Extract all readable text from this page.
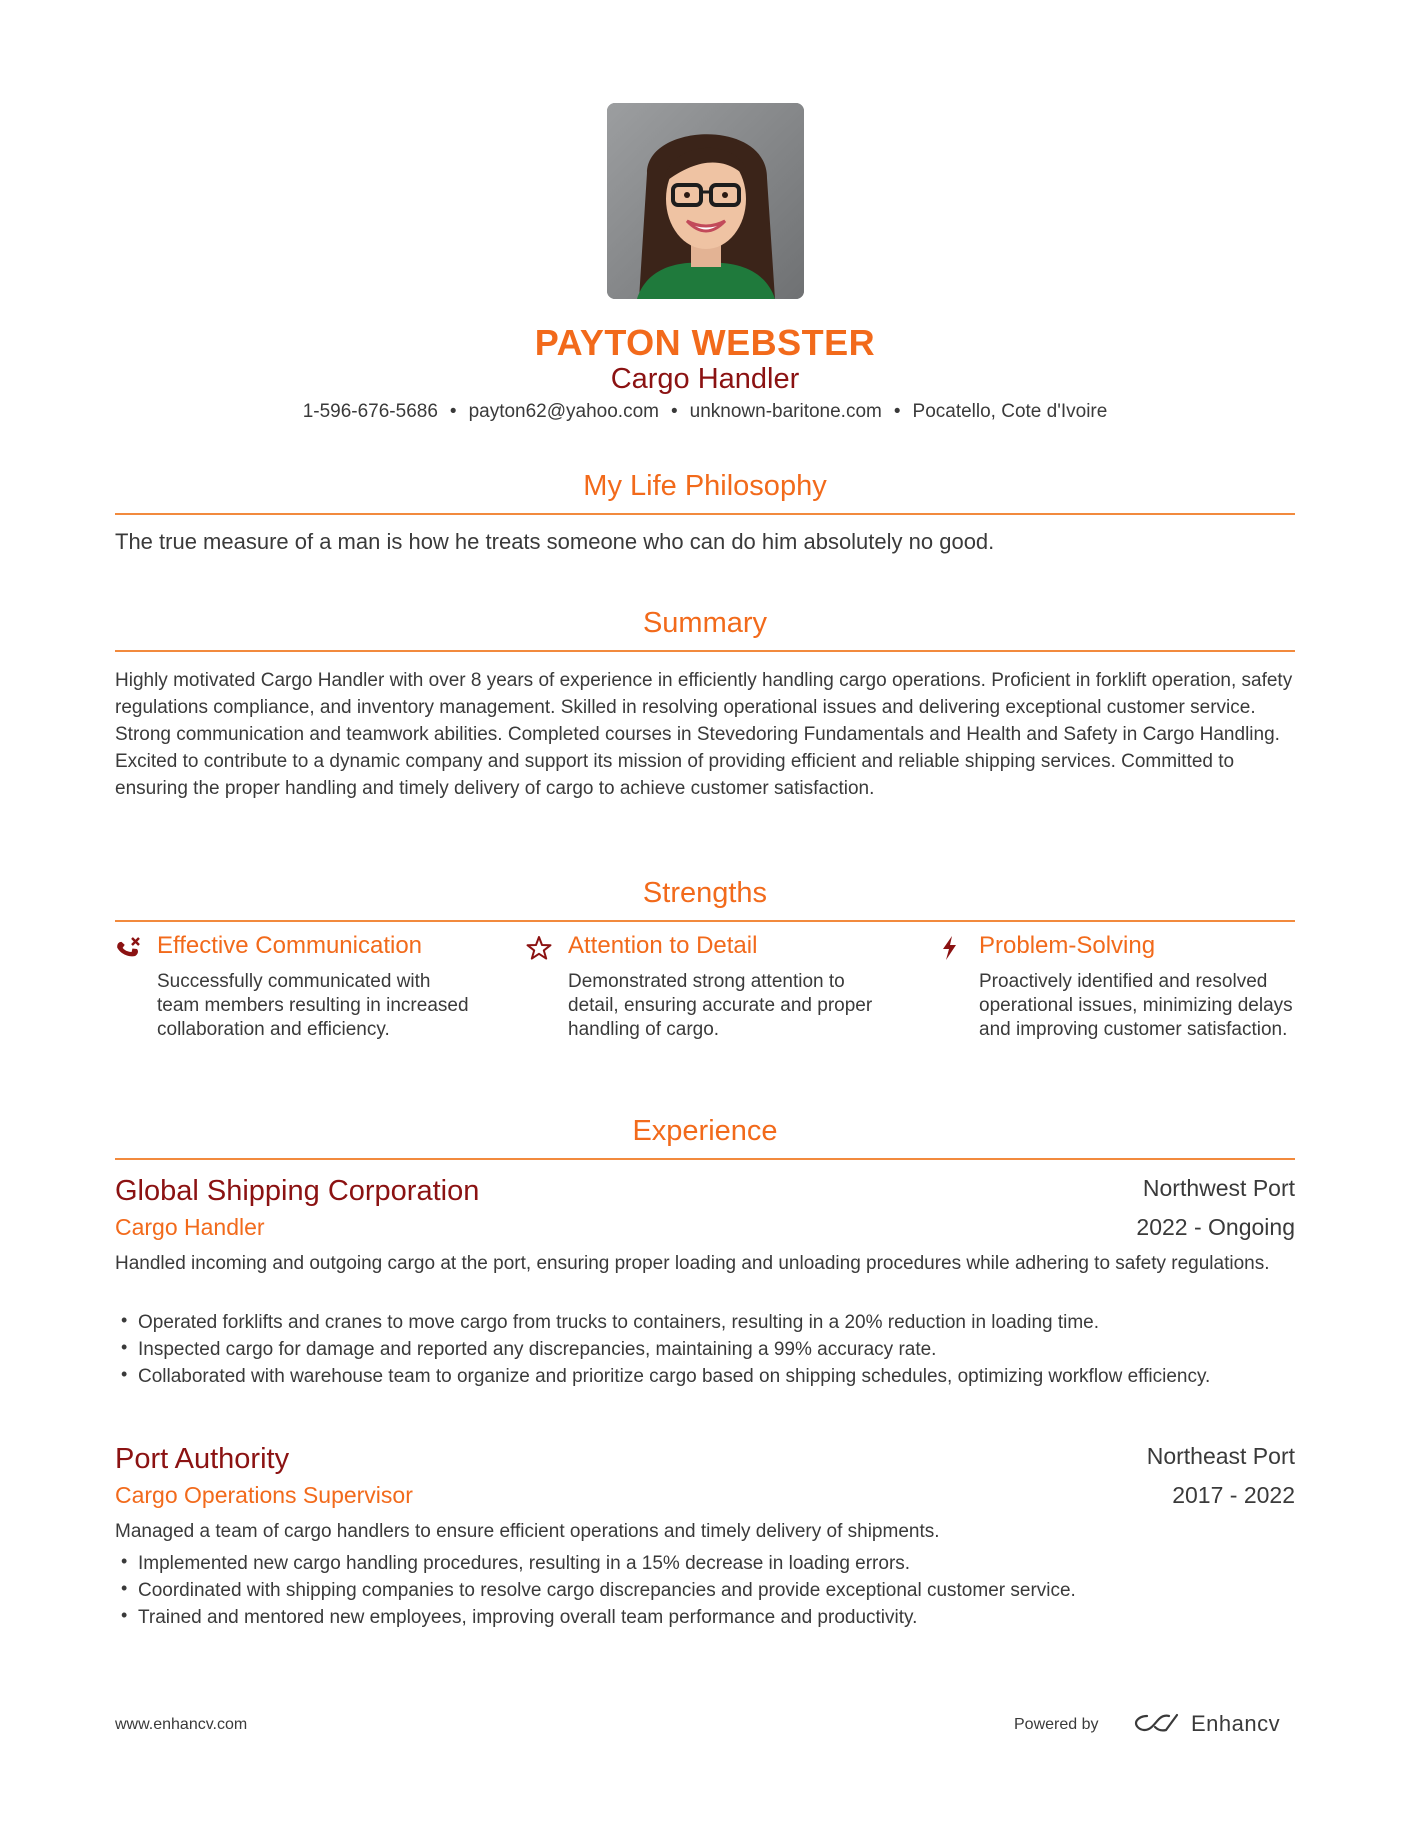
PAYTON WEBSTER
Cargo Handler
1-596-676-5686 • payton62@yahoo.com • unknown-baritone.com • Pocatello, Cote d'Ivoire
My Life Philosophy
The true measure of a man is how he treats someone who can do him absolutely no good.
Summary
Highly motivated Cargo Handler with over 8 years of experience in efficiently handling cargo operations. Proficient in forklift operation, safety regulations compliance, and inventory management. Skilled in resolving operational issues and delivering exceptional customer service. Strong communication and teamwork abilities. Completed courses in Stevedoring Fundamentals and Health and Safety in Cargo Handling. Excited to contribute to a dynamic company and support its mission of providing efficient and reliable shipping services. Committed to ensuring the proper handling and timely delivery of cargo to achieve customer satisfaction.
Strengths
Effective Communication
Successfully communicated with team members resulting in increased collaboration and efficiency.
Attention to Detail
Demonstrated strong attention to detail, ensuring accurate and proper handling of cargo.
Problem-Solving
Proactively identified and resolved operational issues, minimizing delays and improving customer satisfaction.
Experience
Global Shipping Corporation	Northwest Port
Cargo Handler	2022 - Ongoing
Handled incoming and outgoing cargo at the port, ensuring proper loading and unloading procedures while adhering to safety regulations.
• Operated forklifts and cranes to move cargo from trucks to containers, resulting in a 20% reduction in loading time.
• Inspected cargo for damage and reported any discrepancies, maintaining a 99% accuracy rate.
• Collaborated with warehouse team to organize and prioritize cargo based on shipping schedules, optimizing workflow efficiency.
Port Authority	Northeast Port
Cargo Operations Supervisor	2017 - 2022
Managed a team of cargo handlers to ensure efficient operations and timely delivery of shipments.
• Implemented new cargo handling procedures, resulting in a 15% decrease in loading errors.
• Coordinated with shipping companies to resolve cargo discrepancies and provide exceptional customer service.
• Trained and mentored new employees, improving overall team performance and productivity.
www.enhancv.com	Powered by	Enhancv
